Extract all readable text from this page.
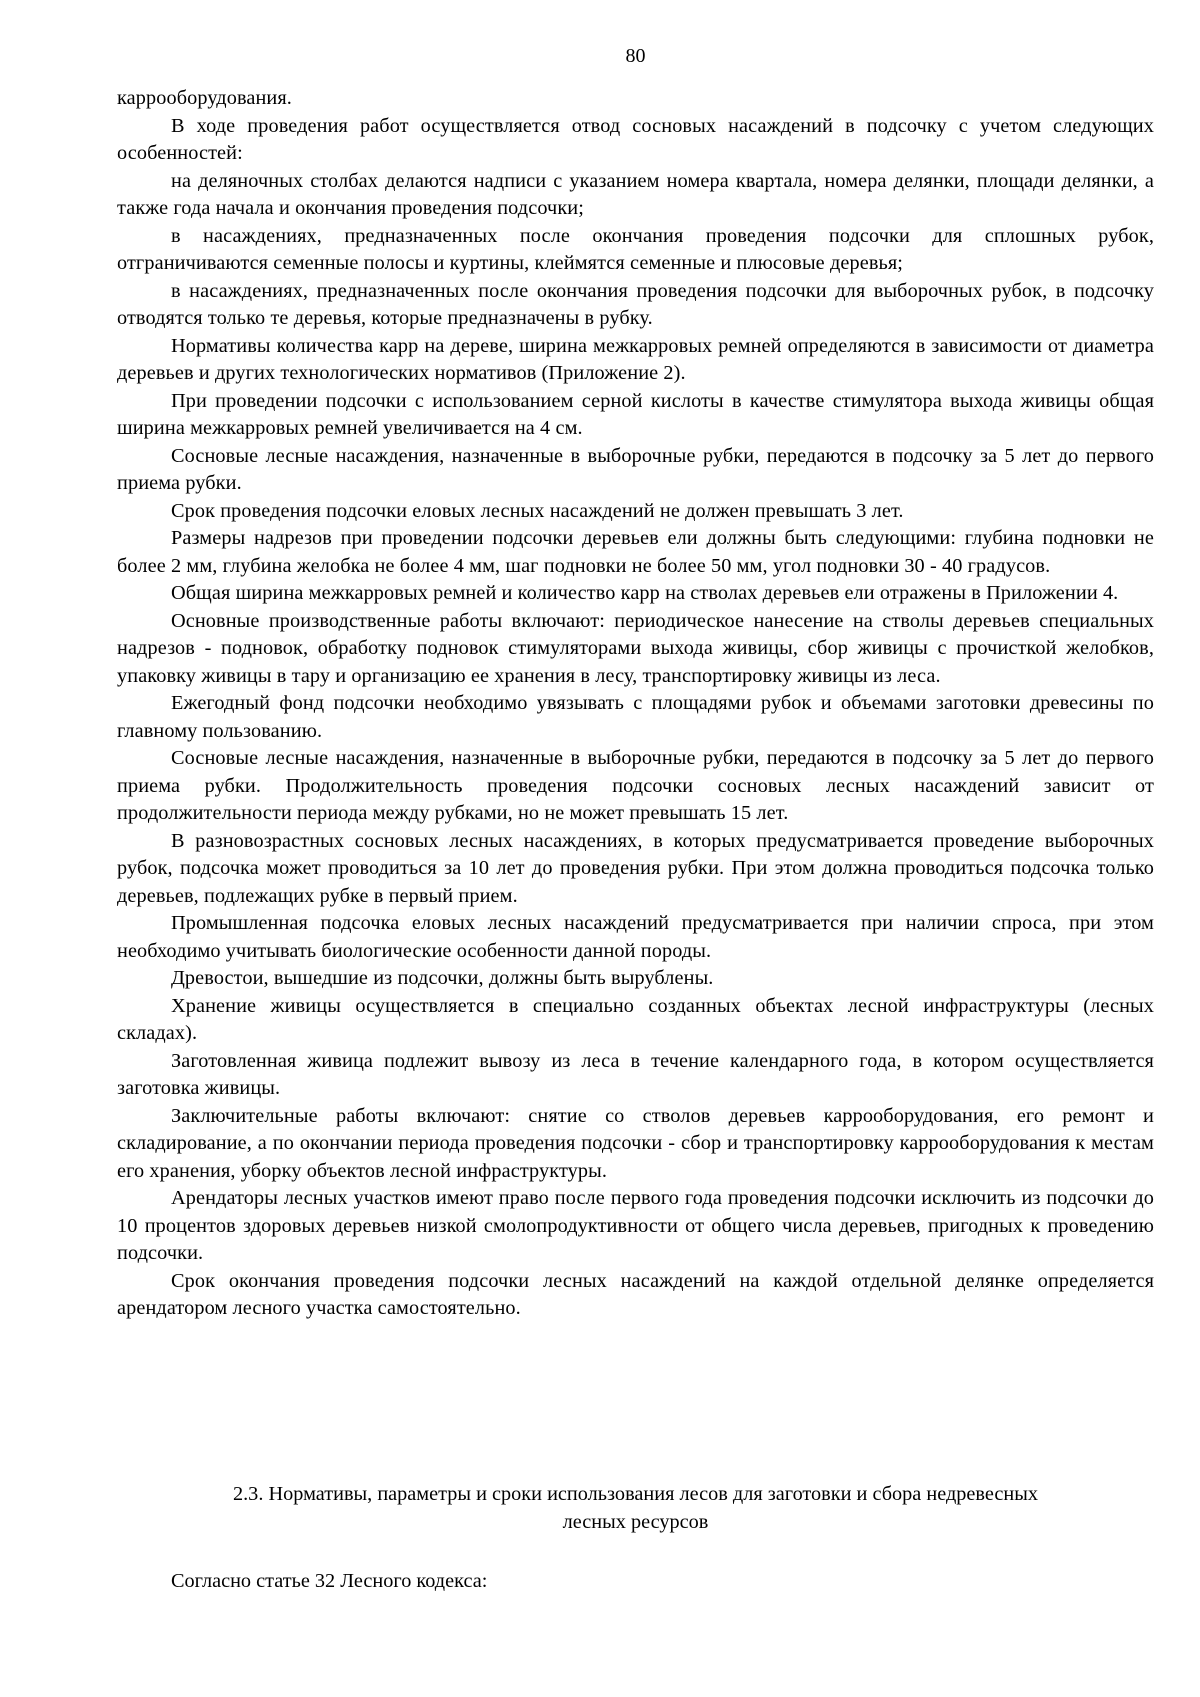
80

каррооборудования.

В ходе проведения работ осуществляется отвод сосновых насаждений в подсочку с учетом следующих особенностей:

на деляночных столбах делаются надписи с указанием номера квартала, номера делянки, площади делянки, а также года начала и окончания проведения подсочки;

в насаждениях, предназначенных после окончания проведения подсочки для сплошных рубок, отграничиваются семенные полосы и куртины, клеймятся семенные и плюсовые деревья;

в насаждениях, предназначенных после окончания проведения подсочки для выборочных рубок, в подсочку отводятся только те деревья, которые предназначены в рубку.

Нормативы количества карр на дереве, ширина межкарровых ремней определяются в зависимости от диаметра деревьев и других технологических нормативов (Приложение 2).

При проведении подсочки с использованием серной кислоты в качестве стимулятора выхода живицы общая ширина межкарровых ремней увеличивается на 4 см.

Сосновые лесные насаждения, назначенные в выборочные рубки, передаются в подсочку за 5 лет до первого приема рубки.

Срок проведения подсочки еловых лесных насаждений не должен превышать 3 лет.

Размеры надрезов при проведении подсочки деревьев ели должны быть следующими: глубина подновки не более 2 мм, глубина желобка не более 4 мм, шаг подновки не более 50 мм, угол подновки 30 - 40 градусов.

Общая ширина межкарровых ремней и количество карр на стволах деревьев ели отражены в Приложении 4.

Основные производственные работы включают: периодическое нанесение на стволы деревьев специальных надрезов - подновок, обработку подновок стимуляторами выхода живицы, сбор живицы с прочисткой желобков, упаковку живицы в тару и организацию ее хранения в лесу, транспортировку живицы из леса.

Ежегодный фонд подсочки необходимо увязывать с площадями рубок и объемами заготовки древесины по главному пользованию.

Сосновые лесные насаждения, назначенные в выборочные рубки, передаются в подсочку за 5 лет до первого приема рубки. Продолжительность проведения подсочки сосновых лесных насаждений зависит от продолжительности периода между рубками, но не может превышать 15 лет.

В разновозрастных сосновых лесных насаждениях, в которых предусматривается проведение выборочных рубок, подсочка может проводиться за 10 лет до проведения рубки. При этом должна проводиться подсочка только деревьев, подлежащих рубке в первый прием.

Промышленная подсочка еловых лесных насаждений предусматривается при наличии спроса, при этом необходимо учитывать биологические особенности данной породы.

Древостои, вышедшие из подсочки, должны быть вырублены.

Хранение живицы осуществляется в специально созданных объектах лесной инфраструктуры (лесных складах).

Заготовленная живица подлежит вывозу из леса в течение календарного года, в котором осуществляется заготовка живицы.

Заключительные работы включают: снятие со стволов деревьев каррооборудования, его ремонт и складирование, а по окончании периода проведения подсочки - сбор и транспортировку каррооборудования к местам его хранения, уборку объектов лесной инфраструктуры.

Арендаторы лесных участков имеют право после первого года проведения подсочки исключить из подсочки до 10 процентов здоровых деревьев низкой смолопродуктивности от общего числа деревьев, пригодных к проведению подсочки.

Срок окончания проведения подсочки лесных насаждений на каждой отдельной делянке определяется арендатором лесного участка самостоятельно.

2.3. Нормативы, параметры и сроки использования лесов для заготовки и сбора недревесных
лесных ресурсов
Согласно статье 32 Лесного кодекса:
